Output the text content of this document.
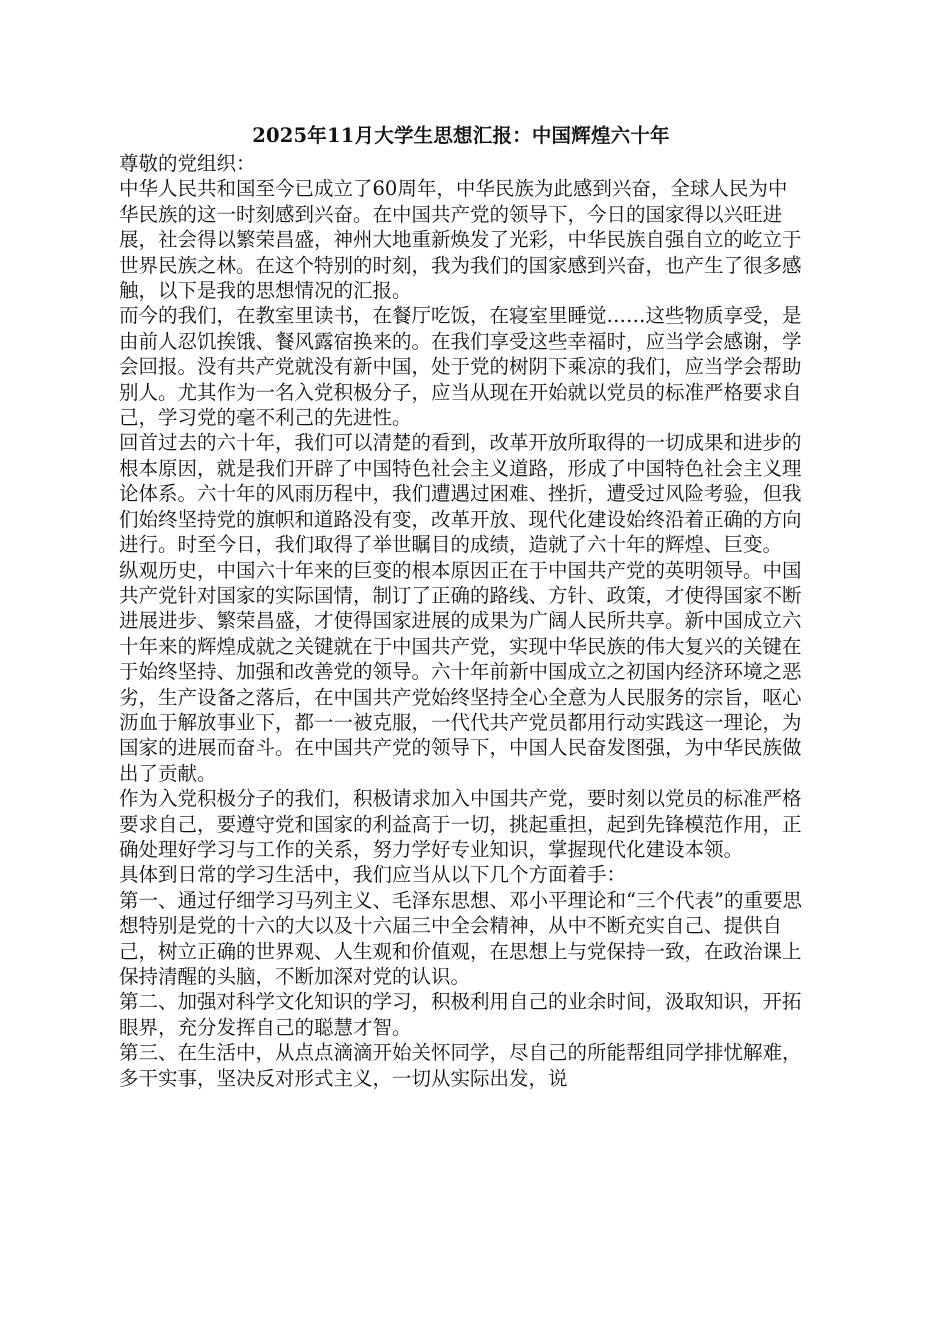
2025年11月大学生思想汇报：中国辉煌六十年

尊敬的党组织：

中华人民共和国至今已成立了60周年，中华民族为此感到兴奋，全球人民为中华民族的这一时刻感到兴奋。在中国共产党的领导下，今日的国家得以兴旺进展，社会得以繁荣昌盛，神州大地重新焕发了光彩，中华民族自强自立的屹立于世界民族之林。在这个特别的时刻，我为我们的国家感到兴奋，也产生了很多感触，以下是我的思想情况的汇报。

而今的我们，在教室里读书，在餐厅吃饭，在寝室里睡觉……这些物质享受，是由前人忍饥挨饿、餐风露宿换来的。在我们享受这些幸福时，应当学会感谢，学会回报。没有共产党就没有新中国，处于党的树阴下乘凉的我们，应当学会帮助别人。尤其作为一名入党积极分子，应当从现在开始就以党员的标准严格要求自己，学习党的毫不利己的先进性。

回首过去的六十年，我们可以清楚的看到，改革开放所取得的一切成果和进步的根本原因，就是我们开辟了中国特色社会主义道路，形成了中国特色社会主义理论体系。六十年的风雨历程中，我们遭遇过困难、挫折，遭受过风险考验，但我们始终坚持党的旗帜和道路没有变，改革开放、现代化建设始终沿着正确的方向进行。时至今日，我们取得了举世瞩目的成绩，造就了六十年的辉煌、巨变。

纵观历史，中国六十年来的巨变的根本原因正在于中国共产党的英明领导。中国共产党针对国家的实际国情，制订了正确的路线、方针、政策，才使得国家不断进展进步、繁荣昌盛，才使得国家进展的成果为广阔人民所共享。新中国成立六十年来的辉煌成就之关键就在于中国共产党，实现中华民族的伟大复兴的关键在于始终坚持、加强和改善党的领导。六十年前新中国成立之初国内经济环境之恶劣，生产设备之落后，在中国共产党始终坚持全心全意为人民服务的宗旨，呕心沥血于解放事业下，都一一被克服，一代代共产党员都用行动实践这一理论，为国家的进展而奋斗。在中国共产党的领导下，中国人民奋发图强，为中华民族做出了贡献。

作为入党积极分子的我们，积极请求加入中国共产党，要时刻以党员的标准严格要求自己，要遵守党和国家的利益高于一切，挑起重担，起到先锋模范作用，正确处理好学习与工作的关系，努力学好专业知识，掌握现代化建设本领。

具体到日常的学习生活中，我们应当从以下几个方面着手：

第一、通过仔细学习马列主义、毛泽东思想、邓小平理论和“三个代表”的重要思想特别是党的十六的大以及十六届三中全会精神，从中不断充实自己、提供自己，树立正确的世界观、人生观和价值观，在思想上与党保持一致，在政治课上保持清醒的头脑，不断加深对党的认识。

第二、加强对科学文化知识的学习，积极利用自己的业余时间，汲取知识，开拓眼界，充分发挥自己的聪慧才智。

第三、在生活中，从点点滴滴开始关怀同学，尽自己的所能帮组同学排忧解难，多干实事，坚决反对形式主义，一切从实际出发，说
